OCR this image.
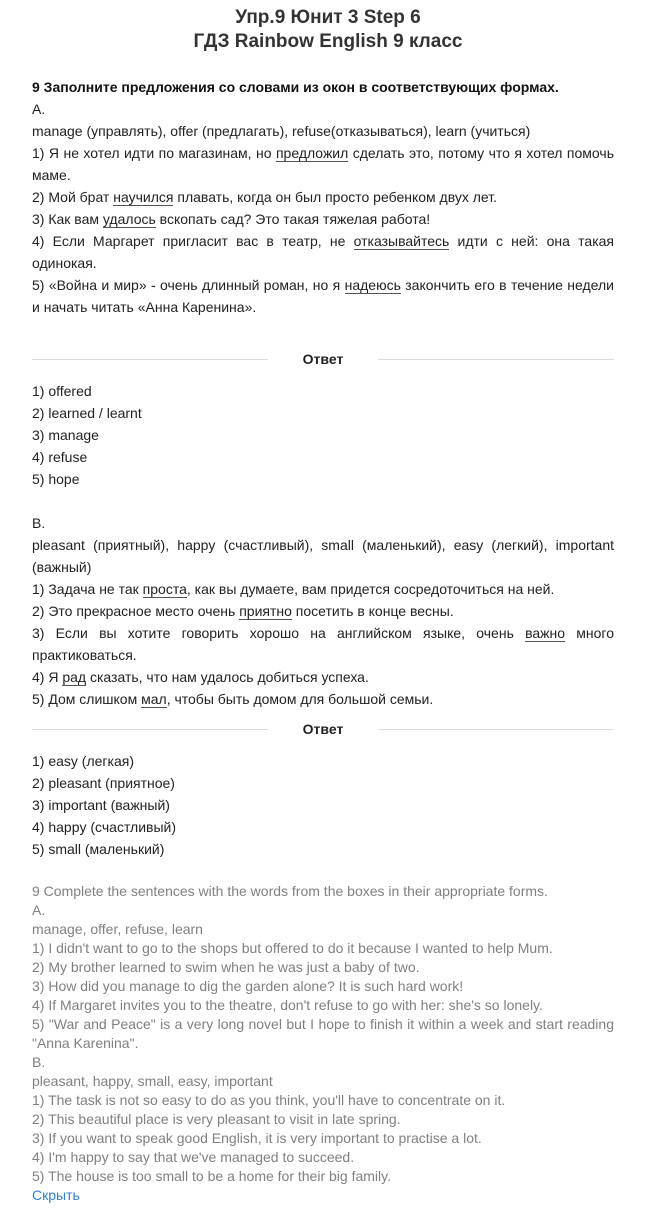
Упр.9 Юнит 3 Step 6
ГДЗ Rainbow English 9 класс
9 Заполните предложения со словами из окон в соответствующих формах.
А.
manage (управлять), offer (предлагать), refuse(отказываться), learn (учиться)
1) Я не хотел идти по магазинам, но предложил сделать это, потому что я хотел помочь маме.
2) Мой брат научился плавать, когда он был просто ребенком двух лет.
3) Как вам удалось вскопать сад? Это такая тяжелая работа!
4) Если Маргарет пригласит вас в театр, не отказывайтесь идти с ней: она такая одинокая.
5) «Война и мир» - очень длинный роман, но я надеюсь закончить его в течение недели и начать читать «Анна Каренина».
Ответ
1) offered
2) learned / learnt
3) manage
4) refuse
5) hope
B.
pleasant (приятный), happy (счастливый), small (маленький), easy (легкий), important (важный)
1) Задача не так проста, как вы думаете, вам придется сосредоточиться на ней.
2) Это прекрасное место очень приятно посетить в конце весны.
3) Если вы хотите говорить хорошо на английском языке, очень важно много практиковаться.
4) Я рад сказать, что нам удалось добиться успеха.
5) Дом слишком мал, чтобы быть домом для большой семьи.
Ответ
1) easy (легкая)
2) pleasant (приятное)
3) important (важный)
4) happy (счастливый)
5) small (маленький)
9 Complete the sentences with the words from the boxes in their appropriate forms.
A.
manage, offer, refuse, learn
1) I didn't want to go to the shops but offered to do it because I wanted to help Mum.
2) My brother learned to swim when he was just a baby of two.
3) How did you manage to dig the garden alone? It is such hard work!
4) If Margaret invites you to the theatre, don't refuse to go with her: she's so lonely.
5) "War and Peace" is a very long novel but I hope to finish it within a week and start reading "Anna Karenina".
B.
pleasant, happy, small, easy, important
1) The task is not so easy to do as you think, you'll have to concentrate on it.
2) This beautiful place is very pleasant to visit in late spring.
3) If you want to speak good English, it is very important to practise a lot.
4) I'm happy to say that we've managed to succeed.
5) The house is too small to be a home for their big family.
Скрыть
